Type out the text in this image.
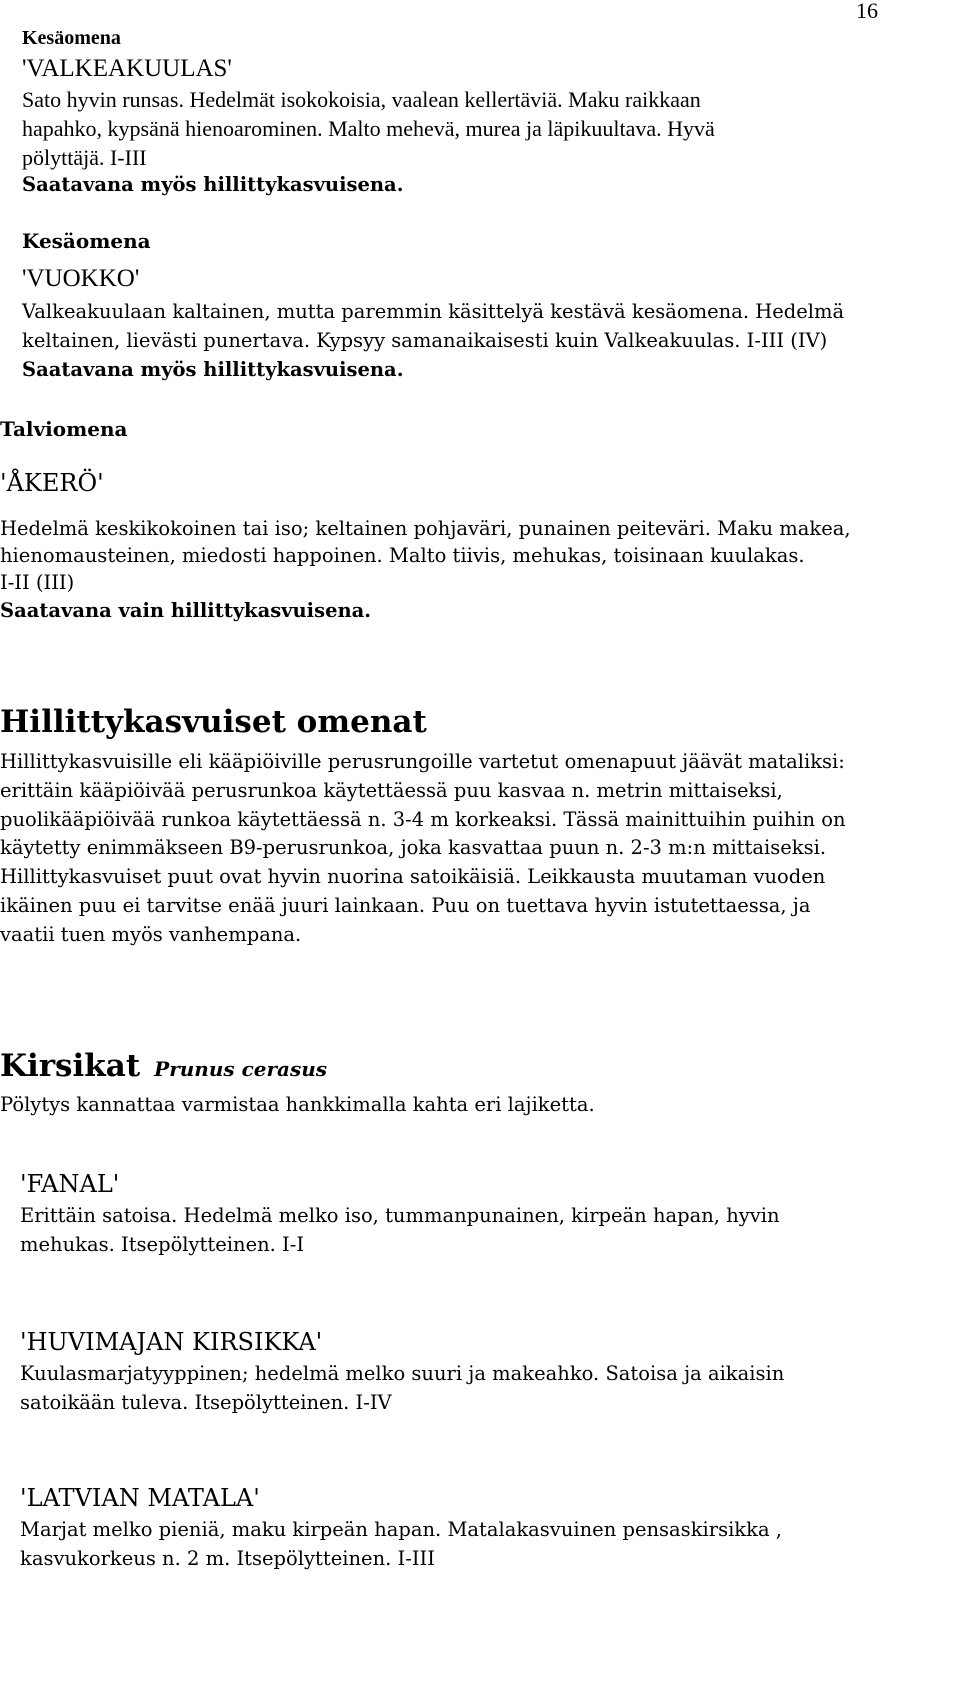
16
Kesäomena
'VALKEAKUULAS'
Sato hyvin runsas. Hedelmät isokokoisia, vaalean kellertäviä. Maku raikkaan
hapahko, kypsänä hienoarominen. Malto mehevä, murea ja läpikuultava. Hyvä
pölyttäjä. I-III
Saatavana myös hillittykasvuisena.
Kesäomena
'VUOKKO'
Valkeakuulaan kaltainen, mutta paremmin käsittelyä kestävä kesäomena. Hedelmä
keltainen, lievästi punertava. Kypsyy samanaikaisesti kuin Valkeakuulas. I-III (IV)
Saatavana myös hillittykasvuisena.
Talviomena
'ÅKERÖ'
Hedelmä keskikokoinen tai iso; keltainen pohjaväri, punainen peiteväri. Maku makea,
hienomausteinen, miedosti happoinen. Malto tiivis, mehukas, toisinaan kuulakas.
I-II (III)
Saatavana vain hillittykasvuisena.
Hillittykasvuiset omenat
Hillittykasvuisille eli kääpiöiville perusrungoille vartetut omenapuut jäävät mataliksi:
erittäin kääpiöivää perusrunkoa käytettäessä puu kasvaa n. metrin mittaiseksi,
puolikääpiöivää runkoa käytettäessä n. 3-4 m korkeaksi. Tässä mainittuihin puihin on
käytetty enimmäkseen B9-perusrunkoa, joka kasvattaa puun n. 2-3 m:n mittaiseksi.
Hillittykasvuiset puut ovat hyvin nuorina satoikäisiä. Leikkausta muutaman vuoden
ikäinen puu ei tarvitse enää juuri lainkaan. Puu on tuettava hyvin istutettaessa, ja
vaatii tuen myös vanhempana.
Kirsikat Prunus cerasus
Pölytys kannattaa varmistaa hankkimalla kahta eri lajiketta.
'FANAL'
Erittäin satoisa. Hedelmä melko iso, tummanpunainen, kirpeän hapan, hyvin
mehukas. Itsepölytteinen. I-I
'HUVIMAJAN KIRSIKKA'
Kuulasmarjatyyppinen; hedelmä melko suuri ja makeahko. Satoisa ja aikaisin
satoikään tuleva. Itsepölytteinen. I-IV
'LATVIAN MATALA'
Marjat melko pieniä, maku kirpeän hapan. Matalakasvuinen pensaskirsikka ,
kasvukorkeus n. 2 m. Itsepölytteinen. I-III
